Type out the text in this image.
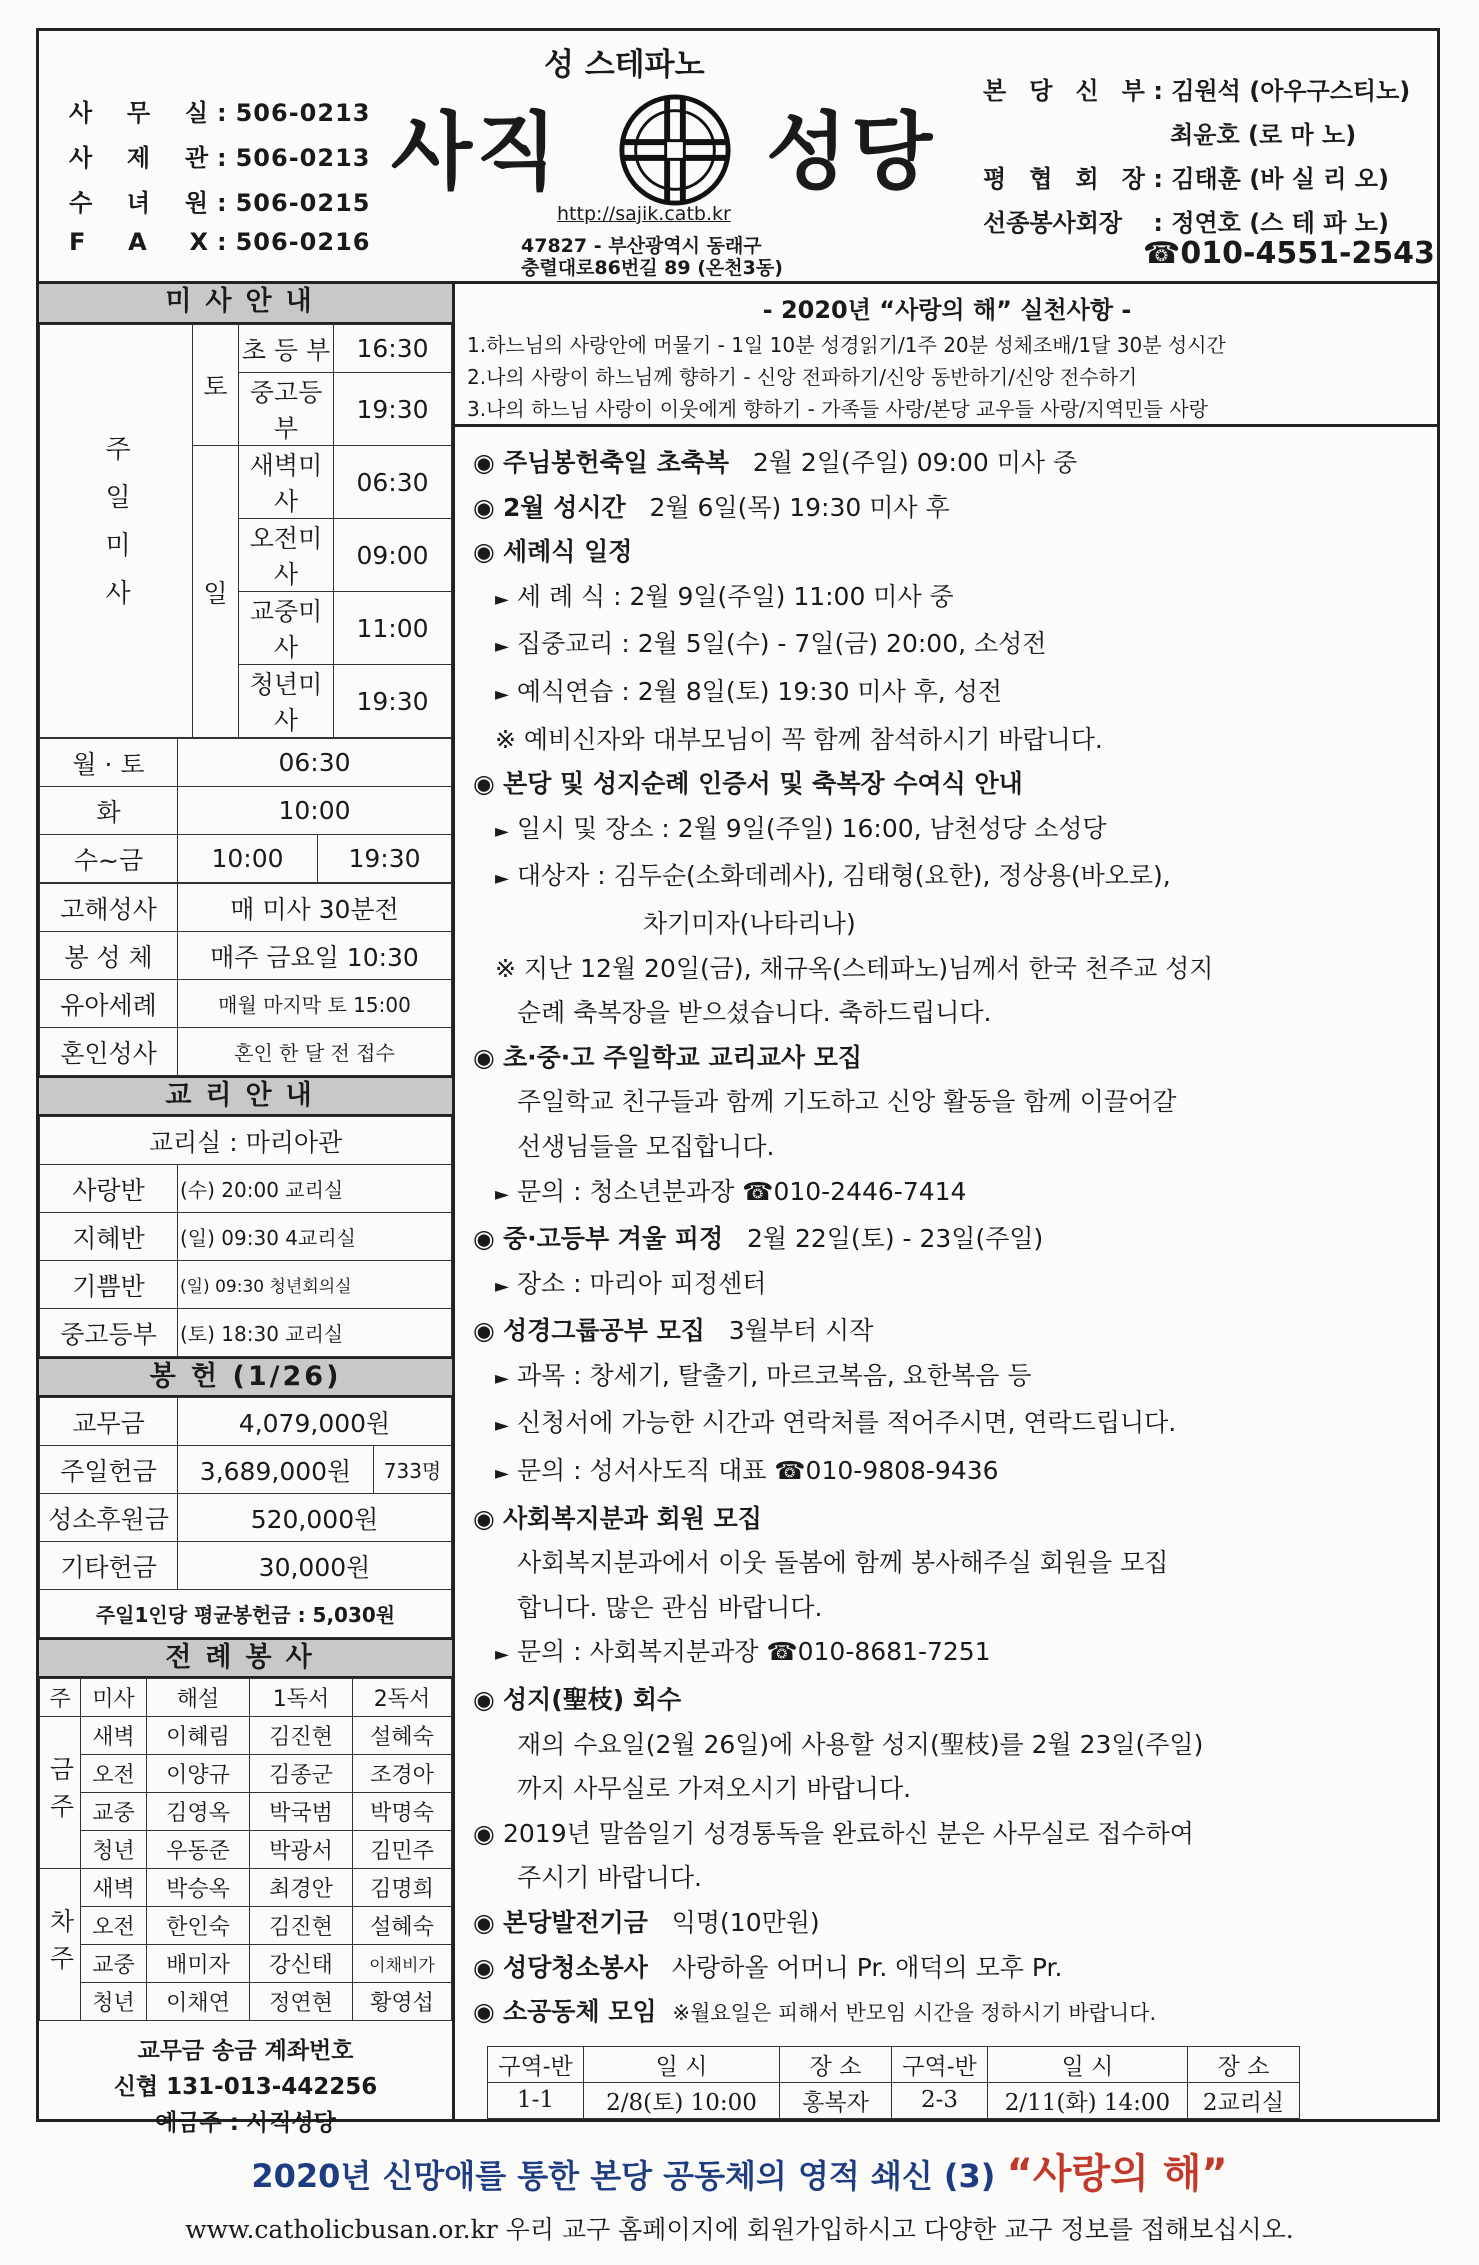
사 무 실 : 506-0213
사 제 관 : 506-0213
수 녀 원 : 506-0215
F A X : 506-0216
성 스테파노
사직 성당
http://sajik.catb.kr
47827 - 부산광역시 동래구
충렬대로86번길 89 (온천3동)
본 당 신 부 : 김원석 (아우구스티노)
최윤호 (로 마 노)
평 협 회 장 : 김태훈 (바 실 리 오)
선종봉사회장 : 정연호 (스 테 파 노)
☎010-4551-2543
미사안내
주일미사	토	초 등 부	16:30
		중고등부	19:30
	일	새벽미사	06:30
		오전미사	09:00
		교중미사	11:00
		청년미사	19:30
월 · 토	06:30	
화	10:00	
수~금	10:00	19:30
고해성사	매 미사 30분전
봉 성 체	매주 금요일 10:30
유아세례	매월 마지막 토 15:00
혼인성사	혼인 한 달 전 접수
교리안내
교리실 : 마리아관	
사랑반	(수) 20:00 교리실
지혜반	(일) 09:30 4교리실
기쁨반	(일) 09:30 청년회의실
중고등부	(토) 18:30 교리실
봉 헌 (1/26)
교무금	4,079,000원	
주일헌금	3,689,000원	733명
성소후원금	520,000원	
기타헌금	30,000원	
주일1인당 평균봉헌금 : 5,030원		
전례봉사
주	미사	해설	1독서	2독서
금주	새벽	이혜림	김진현	설혜숙
	오전	이양규	김종군	조경아
	교중	김영옥	박국범	박명숙
	청년	우동준	박광서	김민주
차주	새벽	박승옥	최경안	김명희
	오전	한인숙	김진현	설혜숙
	교중	배미자	강신태	이채비가
	청년	이채연	정연현	황영섭
교무금 송금 계좌번호
신협 131-013-442256
예금주 : 사직성당
- 2020년 “사랑의 해” 실천사항 -
1.하느님의 사랑안에 머물기 - 1일 10분 성경읽기/1주 20분 성체조배/1달 30분 성시간
2.나의 사랑이 하느님께 향하기 - 신앙 전파하기/신앙 동반하기/신앙 전수하기
3.나의 하느님 사랑이 이웃에게 향하기 - 가족들 사랑/본당 교우들 사랑/지역민들 사랑
◉ 주님봉헌축일 초축복 2월 2일(주일) 09:00 미사 중
◉ 2월 성시간 2월 6일(목) 19:30 미사 후
◉ 세례식 일정
► 세 례 식 : 2월 9일(주일) 11:00 미사 중
► 집중교리 : 2월 5일(수) - 7일(금) 20:00, 소성전
► 예식연습 : 2월 8일(토) 19:30 미사 후, 성전
※ 예비신자와 대부모님이 꼭 함께 참석하시기 바랍니다.
◉ 본당 및 성지순례 인증서 및 축복장 수여식 안내
► 일시 및 장소 : 2월 9일(주일) 16:00, 남천성당 소성당
► 대상자 : 김두순(소화데레사), 김태형(요한), 정상용(바오로),
차기미자(나타리나)
※ 지난 12월 20일(금), 채규옥(스테파노)님께서 한국 천주교 성지
순례 축복장을 받으셨습니다. 축하드립니다.
◉ 초·중·고 주일학교 교리교사 모집
주일학교 친구들과 함께 기도하고 신앙 활동을 함께 이끌어갈
선생님들을 모집합니다.
► 문의 : 청소년분과장 ☎010-2446-7414
◉ 중·고등부 겨울 피정 2월 22일(토) - 23일(주일)
► 장소 : 마리아 피정센터
◉ 성경그룹공부 모집 3월부터 시작
► 과목 : 창세기, 탈출기, 마르코복음, 요한복음 등
► 신청서에 가능한 시간과 연락처를 적어주시면, 연락드립니다.
► 문의 : 성서사도직 대표 ☎010-9808-9436
◉ 사회복지분과 회원 모집
사회복지분과에서 이웃 돌봄에 함께 봉사해주실 회원을 모집
합니다. 많은 관심 바랍니다.
► 문의 : 사회복지분과장 ☎010-8681-7251
◉ 성지(聖枝) 회수
재의 수요일(2월 26일)에 사용할 성지(聖枝)를 2월 23일(주일)
까지 사무실로 가져오시기 바랍니다.
◉ 2019년 말씀일기 성경통독을 완료하신 분은 사무실로 접수하여
주시기 바랍니다.
◉ 본당발전기금 익명(10만원)
◉ 성당청소봉사 사랑하올 어머니 Pr. 애덕의 모후 Pr.
◉ 소공동체 모임 ※월요일은 피해서 반모임 시간을 정하시기 바랍니다.
구역-반	일 시	장 소	구역-반	일 시	장 소
1-1	2/8(토) 10:00	홍복자	2-3	2/11(화) 14:00	2교리실
2020년 신망애를 통한 본당 공동체의 영적 쇄신 (3) “사랑의 해”
www.catholicbusan.or.kr 우리 교구 홈페이지에 회원가입하시고 다양한 교구 정보를 접해보십시오.
